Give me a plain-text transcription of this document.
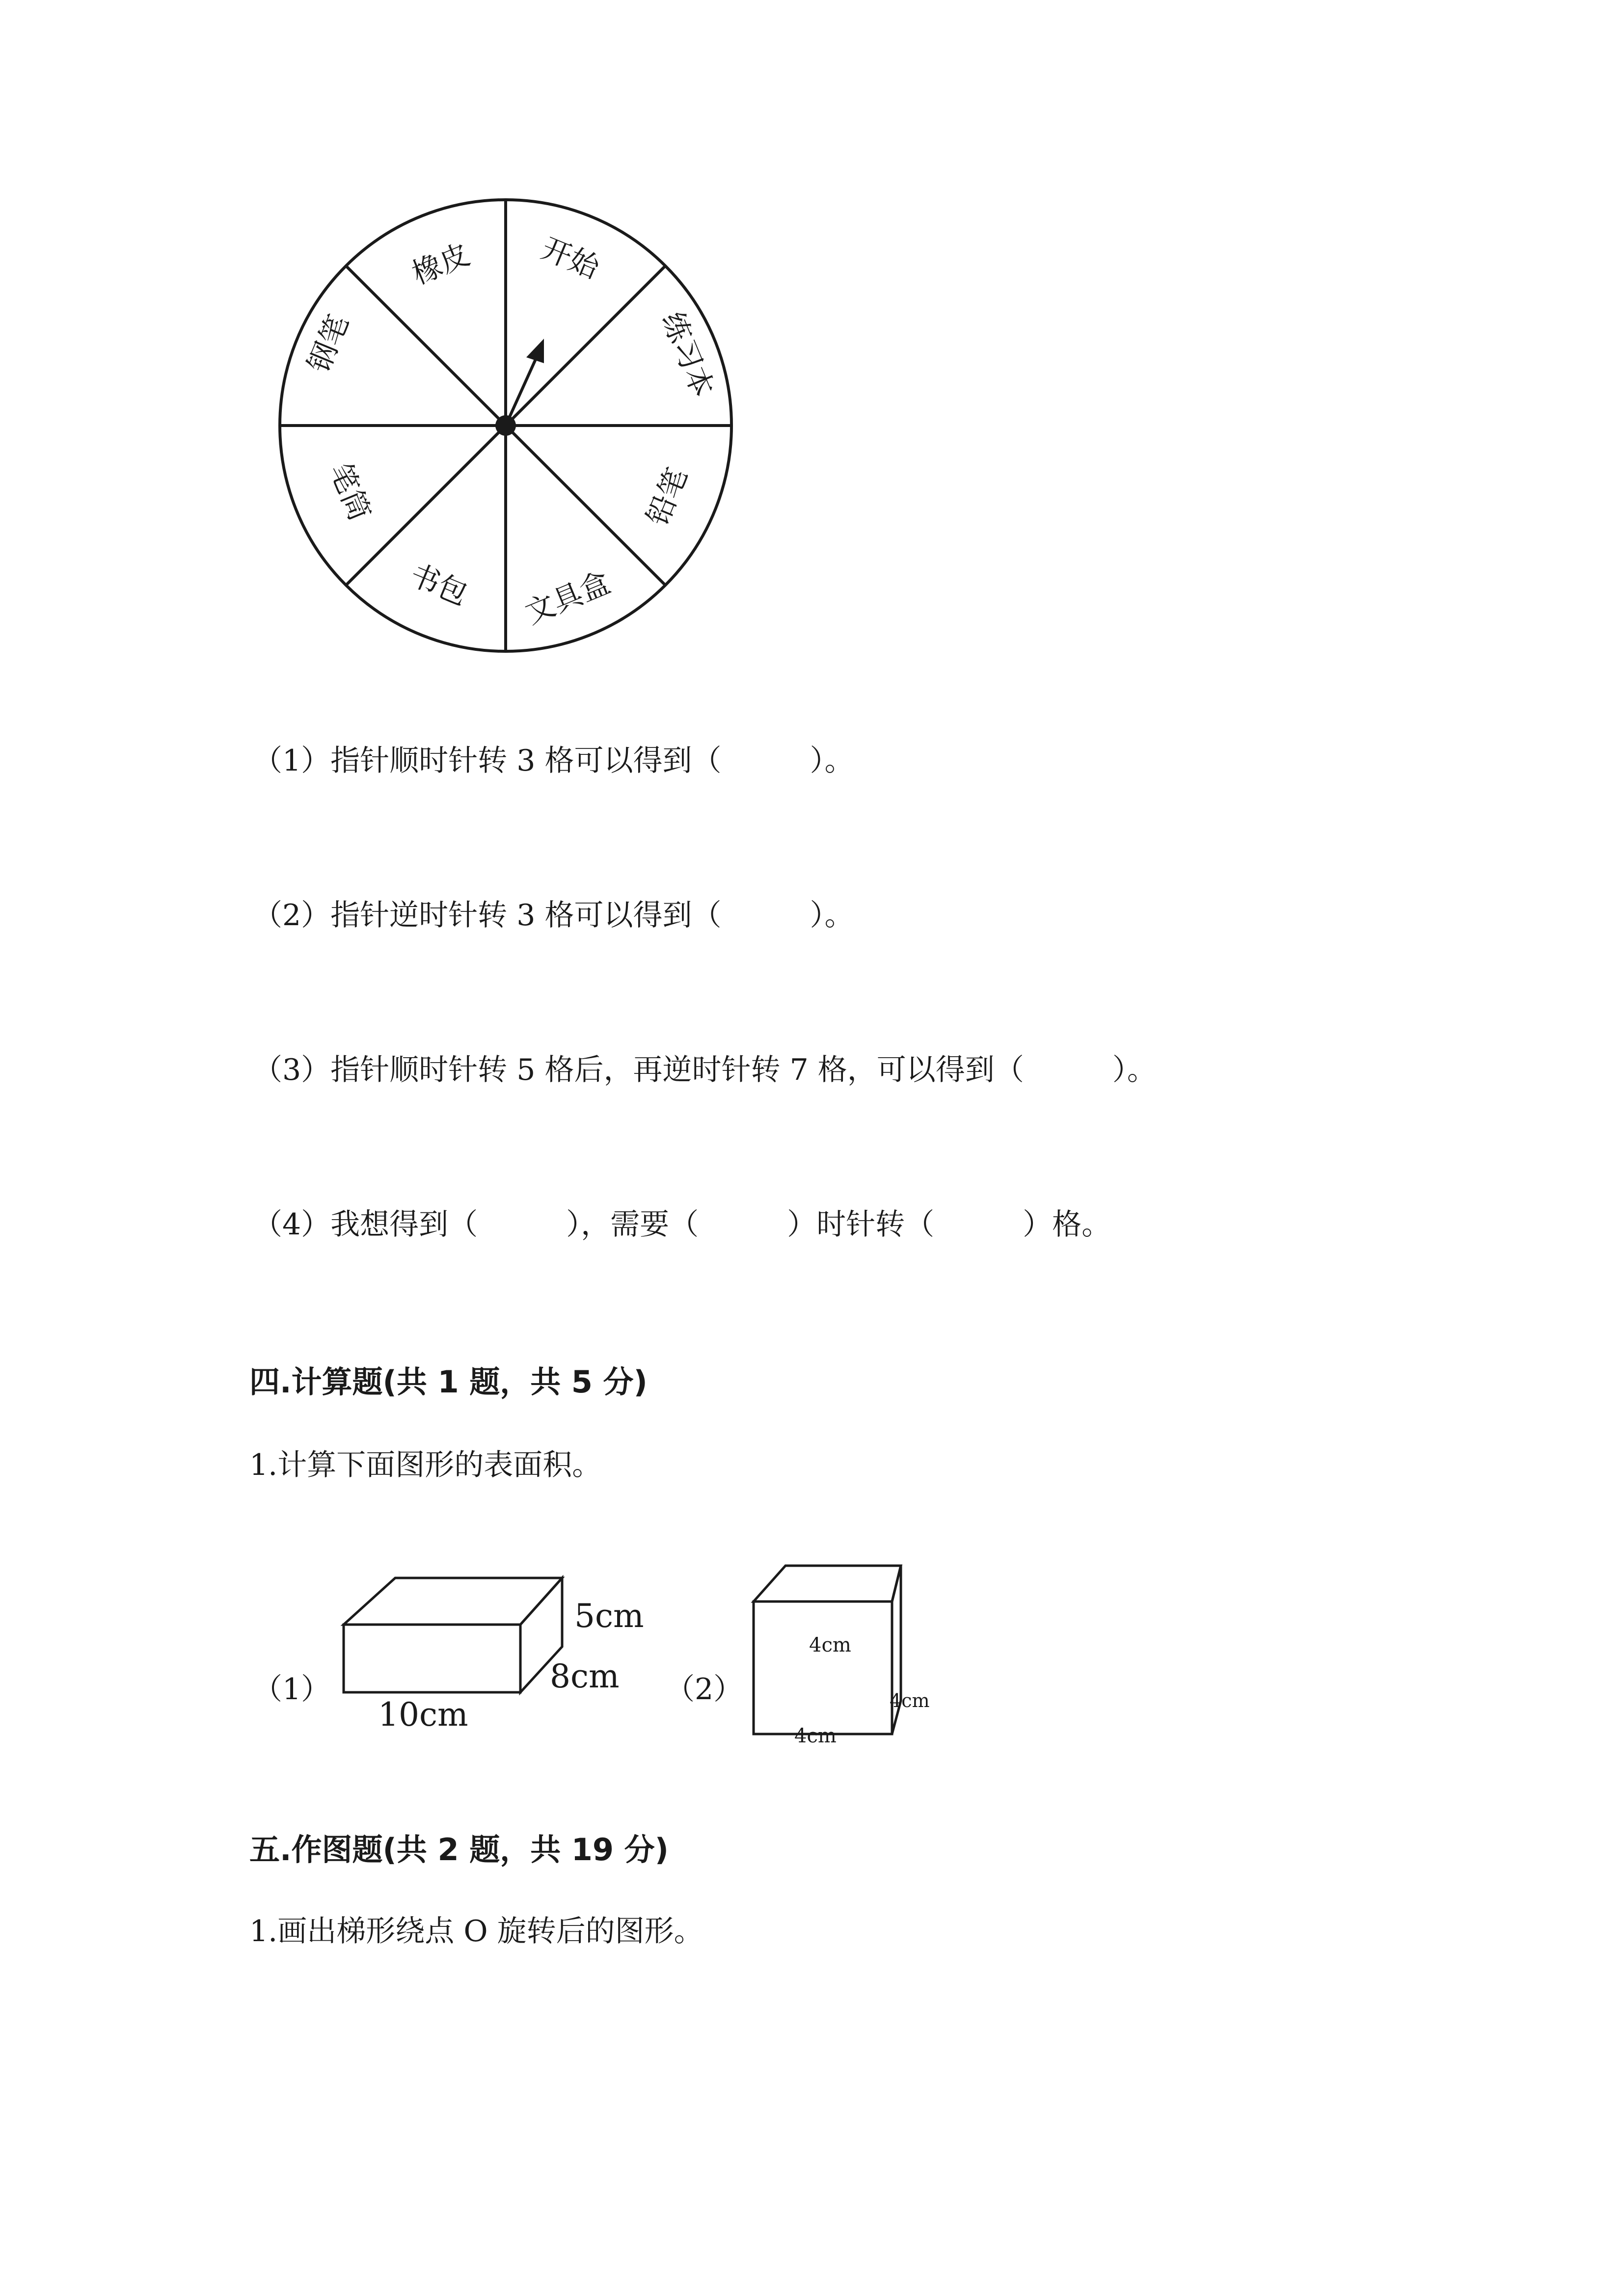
开始
练习本
铅笔
文具盒
书包
笔筒
钢笔
橡皮
（1）指针顺时针转 3 格可以得到（　　　）。
（2）指针逆时针转 3 格可以得到（　　　）。
（3）指针顺时针转 5 格后，再逆时针转 7 格，可以得到（　　　）。
（4）我想得到（　　　），需要（　　　）时针转（　　　）格。
四.计算题(共 1 题，共 5 分)
1.计算下面图形的表面积。
（1）
5cm
8cm
10cm
（2）
4cm
4cm
4cm
五.作图题(共 2 题，共 19 分)
1.画出梯形绕点 O 旋转后的图形。
